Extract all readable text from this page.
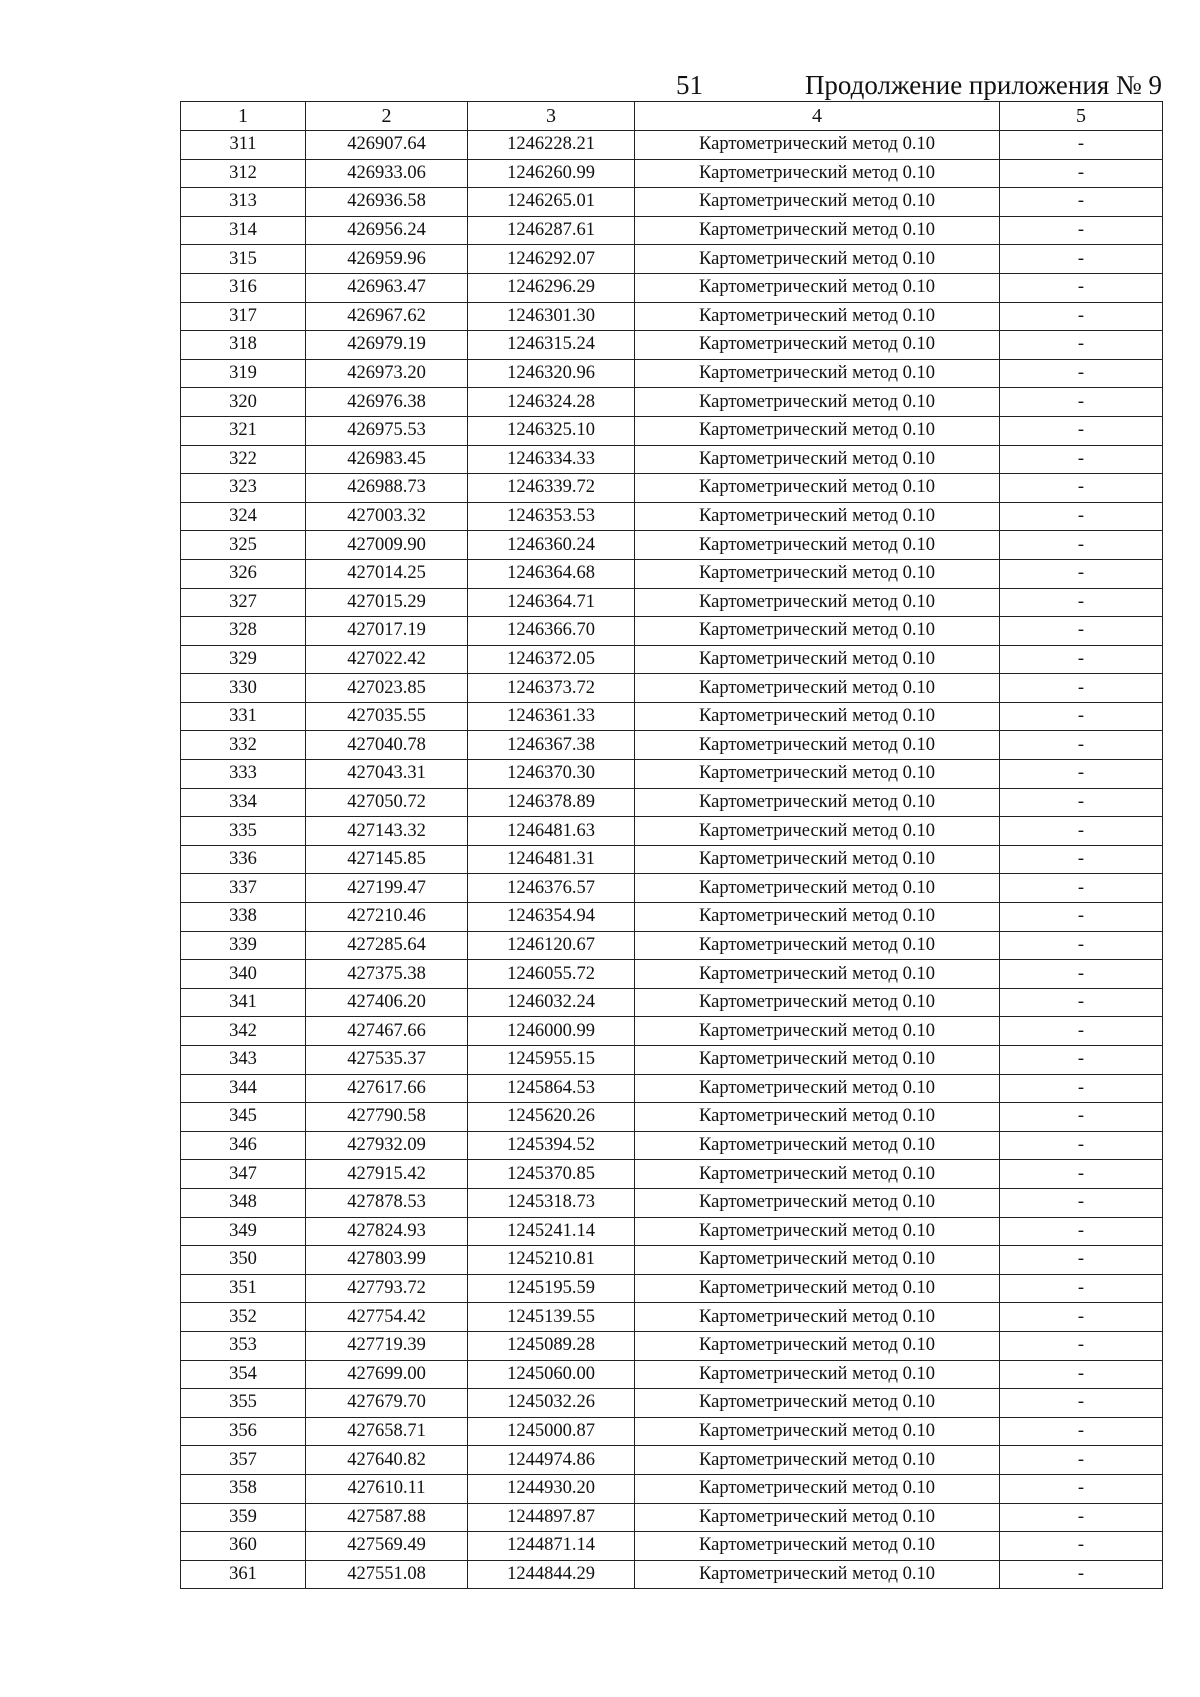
51	Продолжение приложения № 9
1	2	3	4	5
311	426907.64	1246228.21	Картометрический метод 0.10	-
312	426933.06	1246260.99	Картометрический метод 0.10	-
313	426936.58	1246265.01	Картометрический метод 0.10	-
314	426956.24	1246287.61	Картометрический метод 0.10	-
315	426959.96	1246292.07	Картометрический метод 0.10	-
316	426963.47	1246296.29	Картометрический метод 0.10	-
317	426967.62	1246301.30	Картометрический метод 0.10	-
318	426979.19	1246315.24	Картометрический метод 0.10	-
319	426973.20	1246320.96	Картометрический метод 0.10	-
320	426976.38	1246324.28	Картометрический метод 0.10	-
321	426975.53	1246325.10	Картометрический метод 0.10	-
322	426983.45	1246334.33	Картометрический метод 0.10	-
323	426988.73	1246339.72	Картометрический метод 0.10	-
324	427003.32	1246353.53	Картометрический метод 0.10	-
325	427009.90	1246360.24	Картометрический метод 0.10	-
326	427014.25	1246364.68	Картометрический метод 0.10	-
327	427015.29	1246364.71	Картометрический метод 0.10	-
328	427017.19	1246366.70	Картометрический метод 0.10	-
329	427022.42	1246372.05	Картометрический метод 0.10	-
330	427023.85	1246373.72	Картометрический метод 0.10	-
331	427035.55	1246361.33	Картометрический метод 0.10	-
332	427040.78	1246367.38	Картометрический метод 0.10	-
333	427043.31	1246370.30	Картометрический метод 0.10	-
334	427050.72	1246378.89	Картометрический метод 0.10	-
335	427143.32	1246481.63	Картометрический метод 0.10	-
336	427145.85	1246481.31	Картометрический метод 0.10	-
337	427199.47	1246376.57	Картометрический метод 0.10	-
338	427210.46	1246354.94	Картометрический метод 0.10	-
339	427285.64	1246120.67	Картометрический метод 0.10	-
340	427375.38	1246055.72	Картометрический метод 0.10	-
341	427406.20	1246032.24	Картометрический метод 0.10	-
342	427467.66	1246000.99	Картометрический метод 0.10	-
343	427535.37	1245955.15	Картометрический метод 0.10	-
344	427617.66	1245864.53	Картометрический метод 0.10	-
345	427790.58	1245620.26	Картометрический метод 0.10	-
346	427932.09	1245394.52	Картометрический метод 0.10	-
347	427915.42	1245370.85	Картометрический метод 0.10	-
348	427878.53	1245318.73	Картометрический метод 0.10	-
349	427824.93	1245241.14	Картометрический метод 0.10	-
350	427803.99	1245210.81	Картометрический метод 0.10	-
351	427793.72	1245195.59	Картометрический метод 0.10	-
352	427754.42	1245139.55	Картометрический метод 0.10	-
353	427719.39	1245089.28	Картометрический метод 0.10	-
354	427699.00	1245060.00	Картометрический метод 0.10	-
355	427679.70	1245032.26	Картометрический метод 0.10	-
356	427658.71	1245000.87	Картометрический метод 0.10	-
357	427640.82	1244974.86	Картометрический метод 0.10	-
358	427610.11	1244930.20	Картометрический метод 0.10	-
359	427587.88	1244897.87	Картометрический метод 0.10	-
360	427569.49	1244871.14	Картометрический метод 0.10	-
361	427551.08	1244844.29	Картометрический метод 0.10	-
